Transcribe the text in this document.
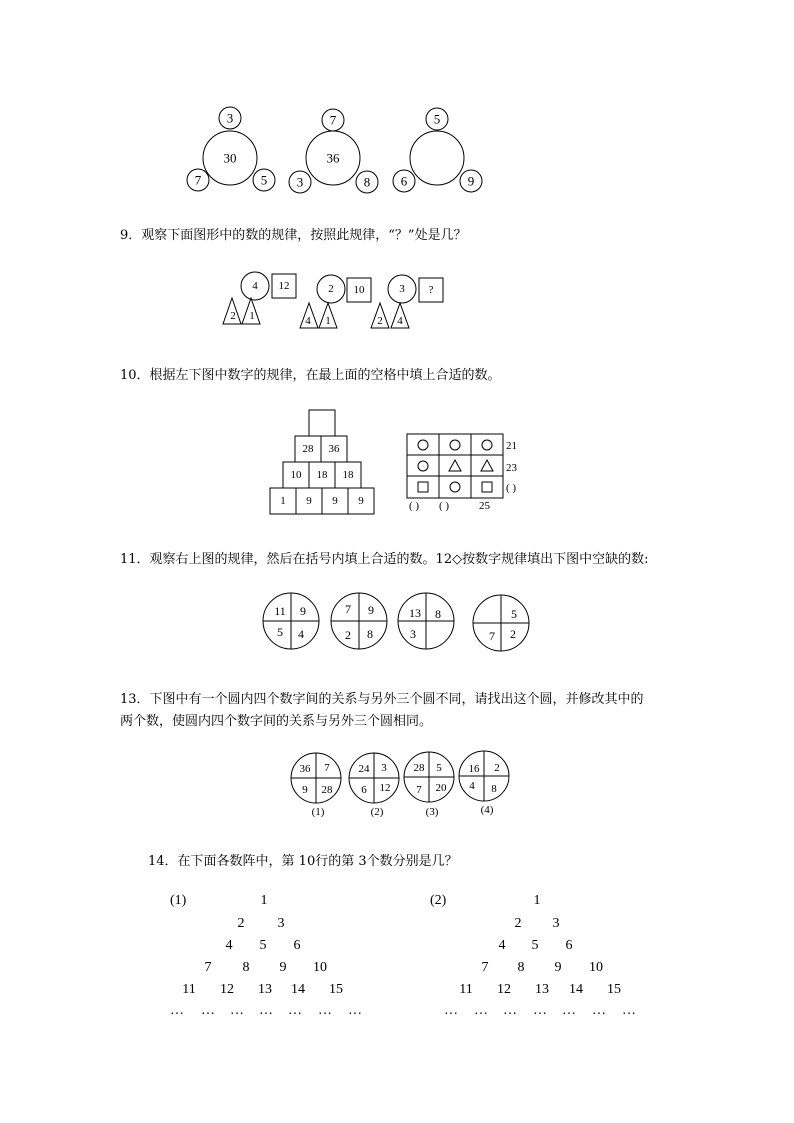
9．观察下面图形中的数的规律，按照此规律，“？”处是几？
10．根据左下图中数字的规律，在最上面的空格中填上合适的数。
11．观察右上图的规律，然后在括号内填上合适的数。12◇按数字规律填出下图中空缺的数:
13．下图中有一个圆内四个数字间的关系与另外三个圆不同，请找出这个圆，并修改其中的
两个数，使圆内四个数字间的关系与另外三个圆相同。
14．在下面各数阵中，第 10行的第 3个数分别是几？
30
3
7	5
36
7
3	8
5
6	9
4 12
2 1
2 10
4 1
3 ?
2 4
28 36
10 18 18
1 9 9 9
21
23
( )
( ) ( )	25
11 9
5 4
7 9
2 8
13 8
3
5
7 2
36 7
9 28
24 3
6 12
28 5
7 20
16 2
4 8
(1)	(2)	(3)	(4)
(1)	(2)
1
2	3
4	5	6
7	8	9	10
11 12 13 14 15
… … … … … … …
1
2	3
4	5	6
7	8	9	10
11 12 13 14 15
… … … … … … …
